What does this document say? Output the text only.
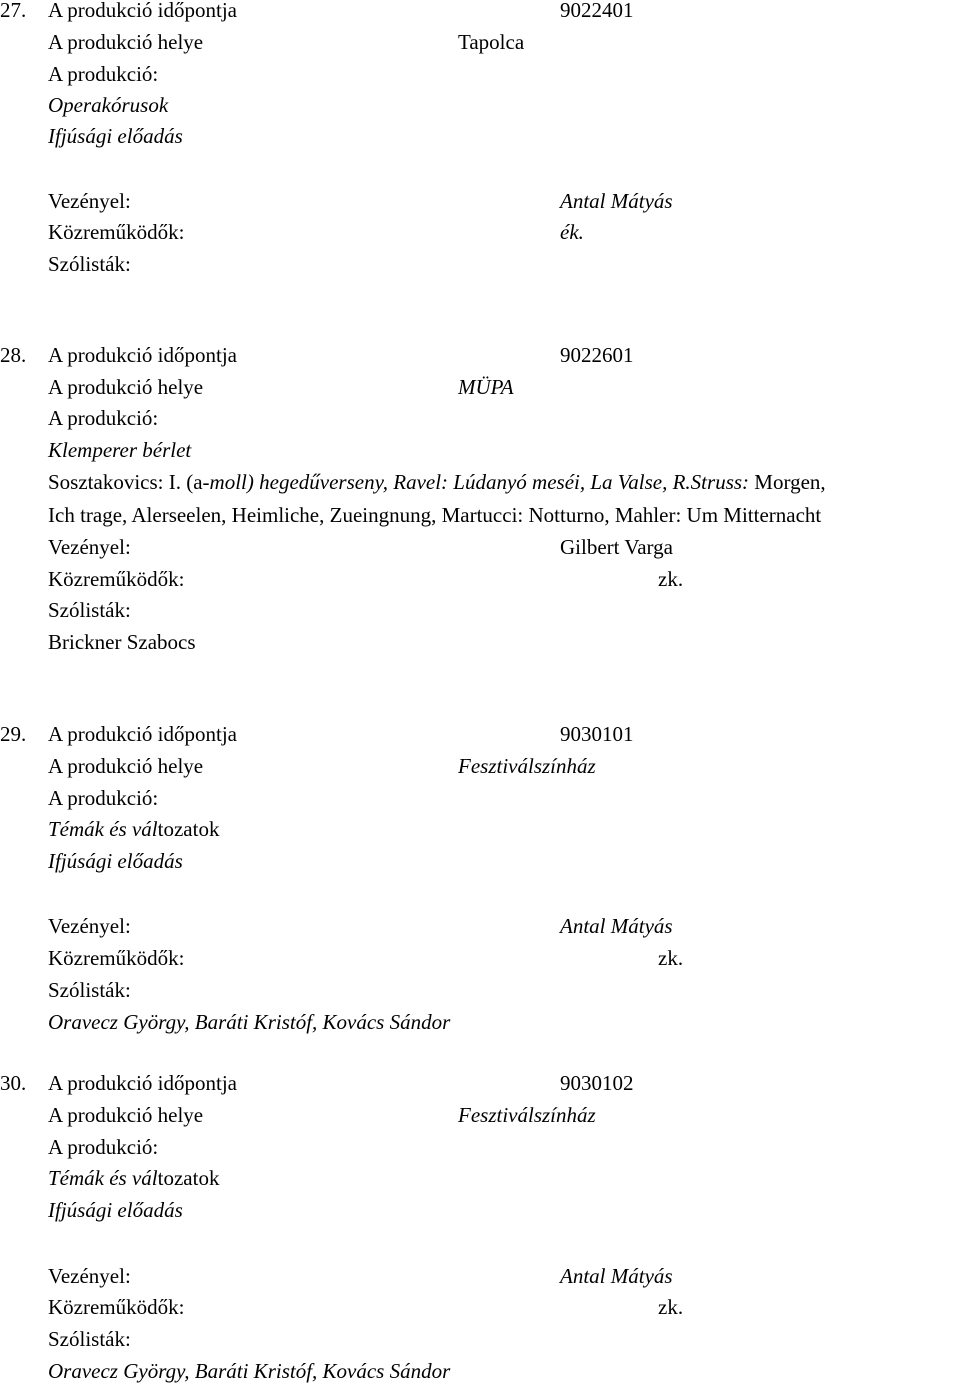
27. A produkció időpontja	9022401
A produkció helye	Tapolca
A produkció:
Operakórusok
Ifjúsági előadás
Vezényel:	Antal Mátyás
Közreműködők:	ék.
Szólisták:
28. A produkció időpontja	9022601
A produkció helye	MÜPA
A produkció:
Klemperer bérlet
Sosztakovics: I. (a-moll) hegedűverseny, Ravel: Lúdanyó meséi, La Valse, R.Struss: Morgen,
Ich trage, Alerseelen, Heimliche, Zueingnung, Martucci: Notturno, Mahler: Um Mitternacht
Vezényel:	Gilbert Varga
Közreműködők:	zk.
Szólisták:
Brickner Szabocs
29. A produkció időpontja	9030101
A produkció helye	Fesztiválszínház
A produkció:
Témák és változatok
Ifjúsági előadás
Vezényel:	Antal Mátyás
Közreműködők:	zk.
Szólisták:
Oravecz György, Baráti Kristóf, Kovács Sándor
30. A produkció időpontja	9030102
A produkció helye	Fesztiválszínház
A produkció:
Témák és változatok
Ifjúsági előadás
Vezényel:	Antal Mátyás
Közreműködők:	zk.
Szólisták:
Oravecz György, Baráti Kristóf, Kovács Sándor
